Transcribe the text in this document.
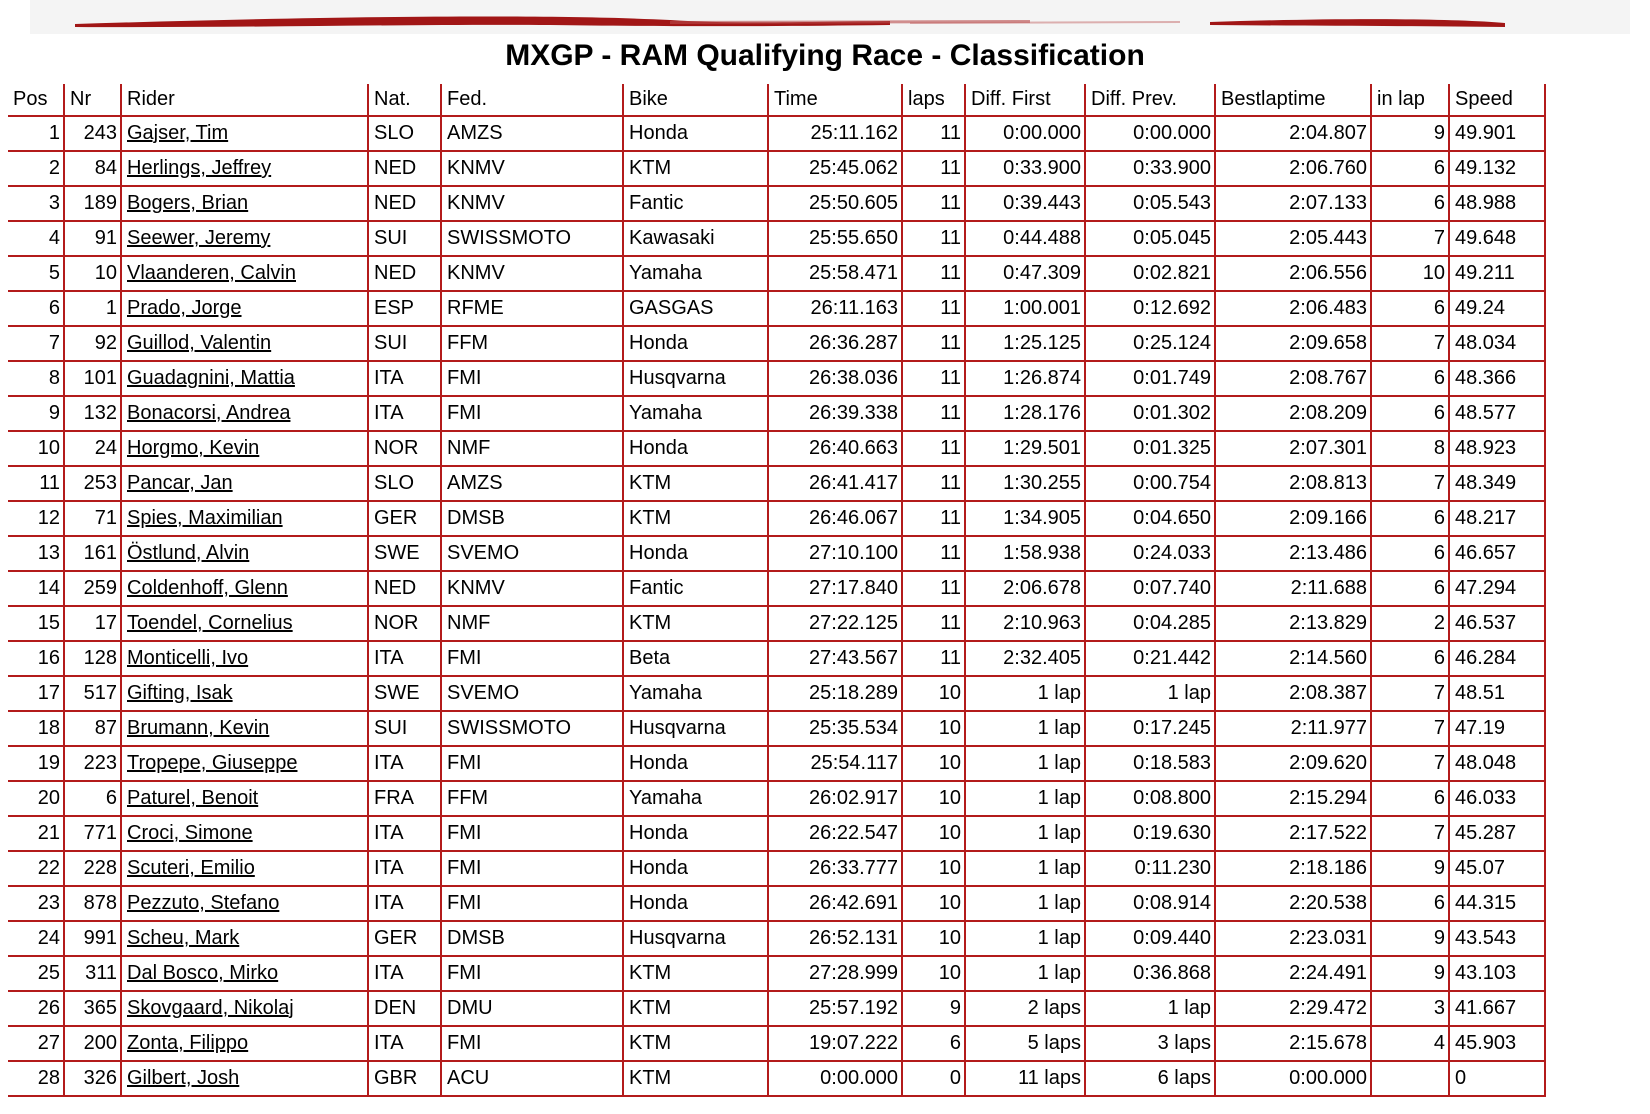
MXGP - RAM Qualifying Race - Classification
Pos	Nr	Rider	Nat.	Fed.	Bike	Time	laps	Diff. First	Diff. Prev.	Bestlaptime	in lap	Speed
1	243	Gajser, Tim	SLO	AMZS	Honda	25:11.162	11	0:00.000	0:00.000	2:04.807	9	49.901
2	84	Herlings, Jeffrey	NED	KNMV	KTM	25:45.062	11	0:33.900	0:33.900	2:06.760	6	49.132
3	189	Bogers, Brian	NED	KNMV	Fantic	25:50.605	11	0:39.443	0:05.543	2:07.133	6	48.988
4	91	Seewer, Jeremy	SUI	SWISSMOTO	Kawasaki	25:55.650	11	0:44.488	0:05.045	2:05.443	7	49.648
5	10	Vlaanderen, Calvin	NED	KNMV	Yamaha	25:58.471	11	0:47.309	0:02.821	2:06.556	10	49.211
6	1	Prado, Jorge	ESP	RFME	GASGAS	26:11.163	11	1:00.001	0:12.692	2:06.483	6	49.24
7	92	Guillod, Valentin	SUI	FFM	Honda	26:36.287	11	1:25.125	0:25.124	2:09.658	7	48.034
8	101	Guadagnini, Mattia	ITA	FMI	Husqvarna	26:38.036	11	1:26.874	0:01.749	2:08.767	6	48.366
9	132	Bonacorsi, Andrea	ITA	FMI	Yamaha	26:39.338	11	1:28.176	0:01.302	2:08.209	6	48.577
10	24	Horgmo, Kevin	NOR	NMF	Honda	26:40.663	11	1:29.501	0:01.325	2:07.301	8	48.923
11	253	Pancar, Jan	SLO	AMZS	KTM	26:41.417	11	1:30.255	0:00.754	2:08.813	7	48.349
12	71	Spies, Maximilian	GER	DMSB	KTM	26:46.067	11	1:34.905	0:04.650	2:09.166	6	48.217
13	161	Östlund, Alvin	SWE	SVEMO	Honda	27:10.100	11	1:58.938	0:24.033	2:13.486	6	46.657
14	259	Coldenhoff, Glenn	NED	KNMV	Fantic	27:17.840	11	2:06.678	0:07.740	2:11.688	6	47.294
15	17	Toendel, Cornelius	NOR	NMF	KTM	27:22.125	11	2:10.963	0:04.285	2:13.829	2	46.537
16	128	Monticelli, Ivo	ITA	FMI	Beta	27:43.567	11	2:32.405	0:21.442	2:14.560	6	46.284
17	517	Gifting, Isak	SWE	SVEMO	Yamaha	25:18.289	10	1 lap	1 lap	2:08.387	7	48.51
18	87	Brumann, Kevin	SUI	SWISSMOTO	Husqvarna	25:35.534	10	1 lap	0:17.245	2:11.977	7	47.19
19	223	Tropepe, Giuseppe	ITA	FMI	Honda	25:54.117	10	1 lap	0:18.583	2:09.620	7	48.048
20	6	Paturel, Benoit	FRA	FFM	Yamaha	26:02.917	10	1 lap	0:08.800	2:15.294	6	46.033
21	771	Croci, Simone	ITA	FMI	Honda	26:22.547	10	1 lap	0:19.630	2:17.522	7	45.287
22	228	Scuteri, Emilio	ITA	FMI	Honda	26:33.777	10	1 lap	0:11.230	2:18.186	9	45.07
23	878	Pezzuto, Stefano	ITA	FMI	Honda	26:42.691	10	1 lap	0:08.914	2:20.538	6	44.315
24	991	Scheu, Mark	GER	DMSB	Husqvarna	26:52.131	10	1 lap	0:09.440	2:23.031	9	43.543
25	311	Dal Bosco, Mirko	ITA	FMI	KTM	27:28.999	10	1 lap	0:36.868	2:24.491	9	43.103
26	365	Skovgaard, Nikolaj	DEN	DMU	KTM	25:57.192	9	2 laps	1 lap	2:29.472	3	41.667
27	200	Zonta, Filippo	ITA	FMI	KTM	19:07.222	6	5 laps	3 laps	2:15.678	4	45.903
28	326	Gilbert, Josh	GBR	ACU	KTM	0:00.000	0	11 laps	6 laps	0:00.000		0
